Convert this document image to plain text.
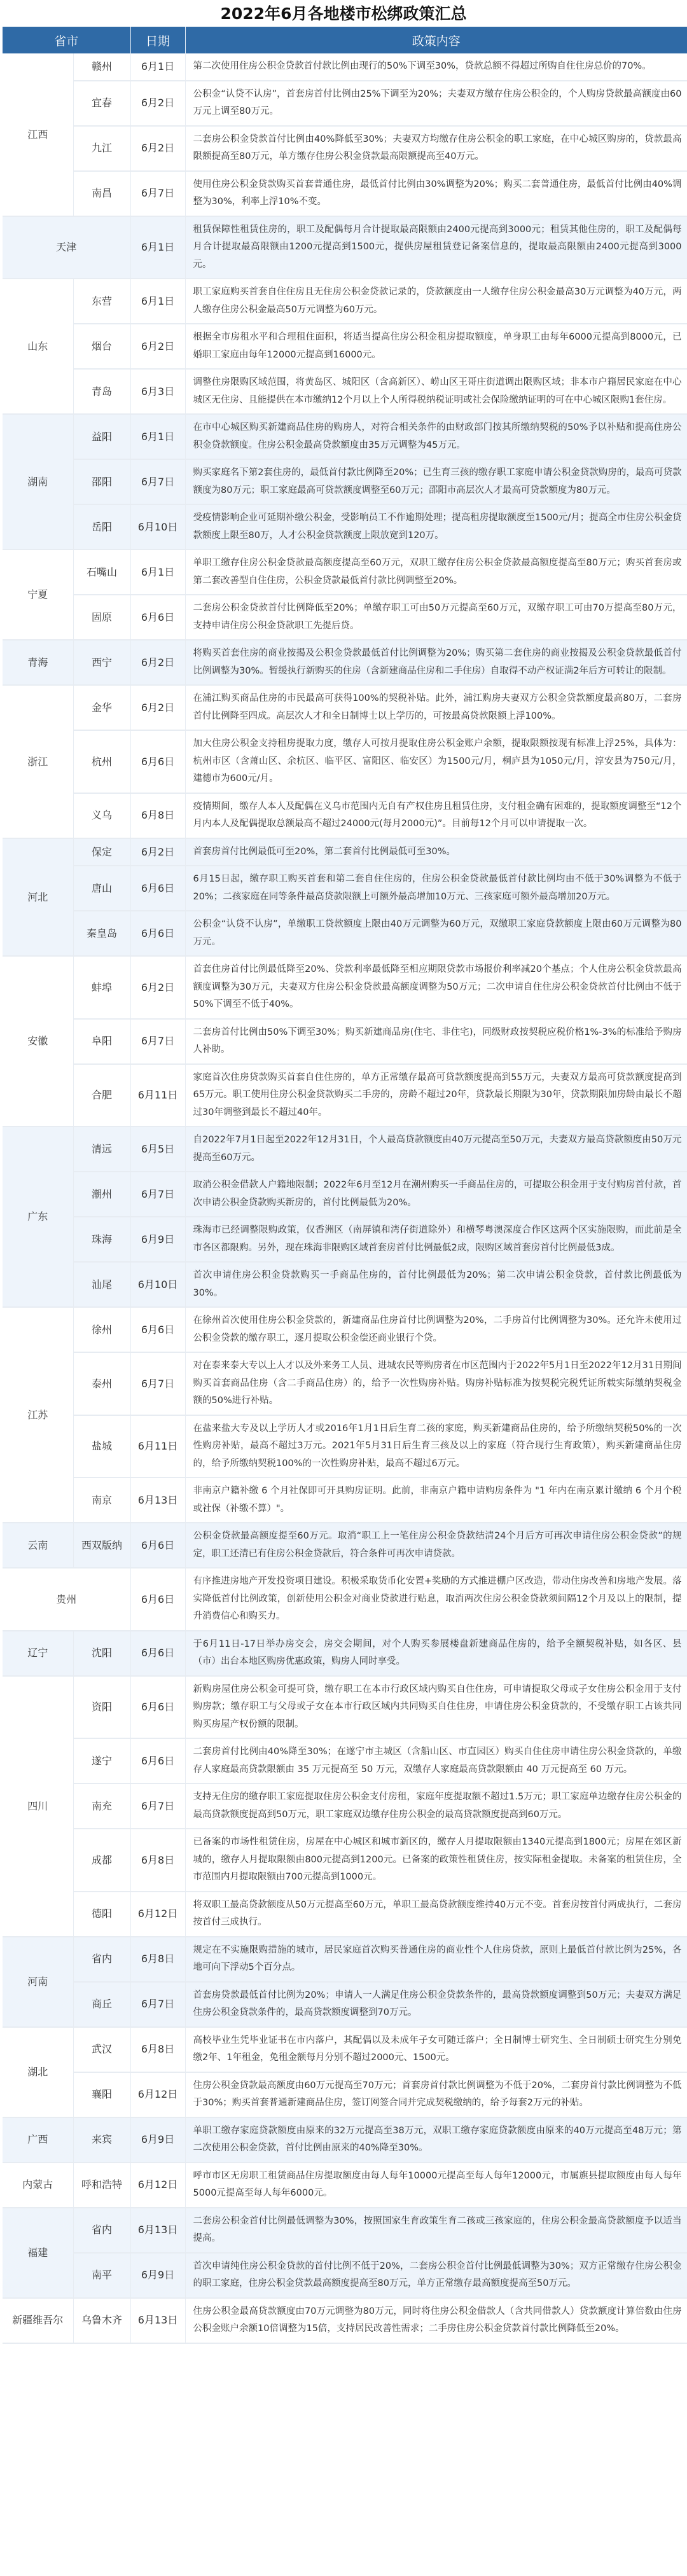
2022年6月各地楼市松绑政策汇总
省市		日期	政策内容
江西	赣州	6月1日	第二次使用住房公积金贷款首付款比例由现行的50%下调至30%，贷款总额不得超过所购自住住房总价的70%。
	宜春	6月2日	公积金“认贷不认房”，首套房首付比例由25%下调至为20%；夫妻双方缴存住房公积金的，个人购房贷款最高额度由60万元上调至80万元。
	九江	6月2日	二套房公积金贷款首付比例由40%降低至30%；夫妻双方均缴存住房公积金的职工家庭，在中心城区购房的，贷款最高限额提高至80万元，单方缴存住房公积金贷款最高限额提高至40万元。
	南昌	6月7日	使用住房公积金贷款购买首套普通住房，最低首付比例由30%调整为20%；购买二套普通住房，最低首付比例由40%调整为30%，利率上浮10%不变。
天津		6月1日	租赁保障性租赁住房的，职工及配偶每月合计提取最高限额由2400元提高到3000元；租赁其他住房的，职工及配偶每月合计提取最高限额由1200元提高到1500元，提供房屋租赁登记备案信息的，提取最高限额由2400元提高到3000元。
山东	东营	6月1日	职工家庭购买首套自住住房且无住房公积金贷款记录的，贷款额度由一人缴存住房公积金最高30万元调整为40万元，两人缴存住房公积金最高50万元调整为60万元。
	烟台	6月2日	根据全市房租水平和合理租住面积，将适当提高住房公积金租房提取额度，单身职工由每年6000元提高到8000元，已婚职工家庭由每年12000元提高到16000元。
	青岛	6月3日	调整住房限购区域范围，将黄岛区、城阳区（含高新区）、崂山区王哥庄街道调出限购区域；非本市户籍居民家庭在中心城区无住房、且能提供在本市缴纳12个月以上个人所得税纳税证明或社会保险缴纳证明的可在中心城区限购1套住房。
湖南	益阳	6月1日	在市中心城区购买新建商品住房的购房人，对符合相关条件的由财政部门按其所缴纳契税的50%予以补贴和提高住房公积金贷款额度。住房公积金最高贷款额度由35万元调整为45万元。
	邵阳	6月7日	购买家庭名下第2套住房的，最低首付款比例降至20%；已生育三孩的缴存职工家庭申请公积金贷款购房的，最高可贷款额度为80万元；职工家庭最高可贷款额度调整至60万元；邵阳市高层次人才最高可贷款额度为80万元。
	岳阳	6月10日	受疫情影响企业可延期补缴公积金，受影响员工不作逾期处理；提高租房提取额度至1500元/月；提高全市住房公积金贷款额度上限至80万，人才公积金贷款额度上限放宽到120万。
宁夏	石嘴山	6月1日	单职工缴存住房公积金贷款最高额度提高至60万元，双职工缴存住房公积金贷款最高额度提高至80万元；购买首套房或第二套改善型自住住房，公积金贷款最低首付款比例调整至20%。
	固原	6月6日	二套房公积金贷款首付比例降低至20%；单缴存职工可由50万元提高至60万元，双缴存职工可由70万提高至80万元，支持申请住房公积金贷款职工先提后贷。
青海	西宁	6月2日	将购买首套住房的商业按揭及公积金贷款最低首付比例调整为20%；购买第二套住房的商业按揭及公积金贷款最低首付比例调整为30%。暂缓执行新购买的住房（含新建商品住房和二手住房）自取得不动产权证满2年后方可转让的限制。
浙江	金华	6月2日	在浦江购买商品住房的市民最高可获得100%的契税补贴。此外，浦江购房夫妻双方公积金贷款额度最高80万，二套房首付比例降至四成。高层次人才和全日制博士以上学历的，可按最高贷款限额上浮100%。
	杭州	6月6日	加大住房公积金支持租房提取力度，缴存人可按月提取住房公积金账户余额，提取限额按现有标准上浮25%，具体为：杭州市区（含萧山区、余杭区、临平区、富阳区、临安区）为1500元/月，桐庐县为1050元/月，淳安县为750元/月，建德市为600元/月。
	义乌	6月8日	疫情期间，缴存人本人及配偶在义乌市范围内无自有产权住房且租赁住房，支付租金确有困难的，提取额度调整至“12个月内本人及配偶提取总额最高不超过24000元(每月2000元)”。目前每12个月可以申请提取一次。
河北	保定	6月2日	首套房首付比例最低可至20%，第二套首付比例最低可至30%。
	唐山	6月6日	6月15日起，缴存职工购买首套和第二套自住住房的，住房公积金贷款最低首付款比例均由不低于30%调整为不低于20%；二孩家庭在同等条件最高贷款限额上可额外最高增加10万元、三孩家庭可额外最高增加20万元。
	秦皇岛	6月6日	公积金“认贷不认房”，单缴职工贷款额度上限由40万元调整为60万元，双缴职工家庭贷款额度上限由60万元调整为80万元。
安徽	蚌埠	6月2日	首套住房首付比例最低降至20%、贷款利率最低降至相应期限贷款市场报价利率减20个基点；个人住房公积金贷款最高额度调整为30万元，夫妻双方住房公积金贷款最高额度调整为50万元；二次申请自住住房公积金贷款首付比例由不低于50%下调至不低于40%。
	阜阳	6月7日	二套房首付比例由50%下调至30%；购买新建商品房(住宅、非住宅)，同级财政按契税应税价格1%-3%的标准给予购房人补助。
	合肥	6月11日	家庭首次住房贷款购买首套自住住房的，单方正常缴存最高可贷款额度提高到55万元，夫妻双方最高可贷款额度提高到65万元。职工使用住房公积金贷款购买二手房的，房龄不超过20年，贷款最长期限为30年，贷款期限加房龄由最长不超过30年调整到最长不超过40年。
广东	清远	6月5日	自2022年7月1日起至2022年12月31日，个人最高贷款额度由40万元提高至50万元，夫妻双方最高贷款额度由50万元提高至60万元。
	潮州	6月7日	取消公积金借款人户籍地限制；2022年6月至12月在潮州购买一手商品住房的，可提取公积金用于支付购房首付款，首次申请公积金贷款购买新房的，首付比例最低为20%。
	珠海	6月9日	珠海市已经调整限购政策，仅香洲区（南屏镇和湾仔街道除外）和横琴粤澳深度合作区这两个区实施限购，而此前是全市各区都限购。另外，现在珠海非限购区域首套房首付比例最低2成，限购区域首套房首付比例最低3成。
	汕尾	6月10日	首次申请住房公积金贷款购买一手商品住房的，首付比例最低为20%；第二次申请公积金贷款，首付款比例最低为30%。
江苏	徐州	6月6日	在徐州首次使用住房公积金贷款的，新建商品住房首付比例调整为20%，二手房首付比例调整为30%。还允许未使用过公积金贷款的缴存职工，逐月提取公积金偿还商业银行个贷。
	泰州	6月7日	对在泰来泰大专以上人才以及外来务工人员、进城农民等购房者在市区范围内于2022年5月1日至2022年12月31日期间购买首套商品住房（含二手商品住房）的，给予一次性购房补贴。购房补贴标准为按契税完税凭证所载实际缴纳契税金额的50%进行补贴。
	盐城	6月11日	在盐来盐大专及以上学历人才或2016年1月1日后生育二孩的家庭，购买新建商品住房的，给予所缴纳契税50%的一次性购房补贴，最高不超过3万元。2021年5月31日后生育三孩及以上的家庭（符合现行生育政策），购买新建商品住房的，给予所缴纳契税100%的一次性购房补贴，最高不超过6万元。
	南京	6月13日	非南京户籍补缴 6 个月社保即可开具购房证明。此前，非南京户籍申请购房条件为 "1 年内在南京累计缴纳 6 个月个税或社保（补缴不算）"。
云南	西双版纳	6月6日	公积金贷款最高额度提至60万元。取消“职工上一笔住房公积金贷款结清24个月后方可再次申请住房公积金贷款”的规定，职工还清已有住房公积金贷款后，符合条件可再次申请贷款。
贵州		6月6日	有序推进房地产开发投资项目建设。积极采取货币化安置+奖励的方式推进棚户区改造，带动住房改善和房地产发展。落实降低首付比例政策，创新使用公积金对商业贷款进行贴息，取消两次住房公积金贷款须间隔12个月及以上的限制，提升消费信心和购买力。
辽宁	沈阳	6月6日	于6月11日-17日举办房交会，房交会期间，对个人购买参展楼盘新建商品住房的，给予全额契税补贴，如各区、县（市）出台本地区购房优惠政策，购房人同时享受。
四川	资阳	6月6日	新购房屋住房公积金可提可贷，缴存职工在本市行政区域内购买自住住房，可申请提取父母或子女住房公积金用于支付购房款；缴存职工与父母或子女在本市行政区域内共同购买自住住房，申请住房公积金贷款的，不受缴存职工占该共同购买房屋产权份额的限制。
	遂宁	6月6日	二套房首付比例由40%降至30%；在遂宁市主城区（含船山区、市直园区）购买自住住房申请住房公积金贷款的，单缴存人家庭最高贷款限额由 35 万元提高至 50 万元，双缴存人家庭最高贷款限额由 40 万元提高至 60 万元。
	南充	6月7日	支持无住房的缴存职工家庭提取住房公积金支付房租，家庭年度提取额不超过1.5万元；职工家庭单边缴存住房公积金的最高贷款额度提高到50万元，职工家庭双边缴存住房公积金的最高贷款额度提高到60万元。
	成都	6月8日	已备案的市场性租赁住房，房屋在中心城区和城市新区的，缴存人月提取限额由1340元提高到1800元；房屋在郊区新城的，缴存人月提取限额由800元提高到1200元。已备案的政策性租赁住房，按实际租金提取。未备案的租赁住房，全市范围内月提取限额由700元提高到1000元。
	德阳	6月12日	将双职工最高贷款额度从50万元提高至60万元，单职工最高贷款额度维持40万元不变。首套房按首付两成执行，二套房按首付三成执行。
河南	省内	6月8日	规定在不实施限购措施的城市，居民家庭首次购买普通住房的商业性个人住房贷款，原则上最低首付款比例为25%，各地可向下浮动5个百分点。
	商丘	6月7日	首套房贷款最低首付比例为20%；申请人一人满足住房公积金贷款条件的，最高贷款额度调整到50万元；夫妻双方满足住房公积金贷款条件的，最高贷款额度调整到70万元。
湖北	武汉	6月8日	高校毕业生凭毕业证书在市内落户，其配偶以及未成年子女可随迁落户；全日制博士研究生、全日制硕士研究生分别免缴2年、1年租金，免租金额每月分别不超过2000元、1500元。
	襄阳	6月12日	住房公积金贷款最高额度由60万元提高至70万元；首套房首付款比例调整为不低于20%，二套房首付款比例调整为不低于30%；购买首套普通新建商品住房，签订网签合同并完成契税缴纳的，给予每套2万元的补贴。
广西	来宾	6月9日	单职工缴存家庭贷款额度由原来的32万元提高至38万元，双职工缴存家庭贷款额度由原来的40万元提高至48万元；第二次使用公积金贷款，首付比例由原来的40%降至30%。
内蒙古	呼和浩特	6月12日	呼市市区无房职工租赁商品住房提取额度由每人每年10000元提高至每人每年12000元，市属旗县提取额度由每人每年5000元提高至每人每年6000元。
福建	省内	6月13日	二套房公积金首付比例最低调整为30%，按照国家生育政策生育二孩或三孩家庭的，住房公积金最高贷款额度予以适当提高。
	南平	6月9日	首次申请纯住房公积金贷款的首付比例不低于20%，二套房公积金首付比例最低调整为30%；双方正常缴存住房公积金的职工家庭，住房公积金贷款最高额度提高至80万元，单方正常缴存最高额度提高至50万元。
新疆维吾尔	乌鲁木齐	6月13日	住房公积金最高贷款额度由70万元调整为80万元，同时将住房公积金借款人（含共同借款人）贷款额度计算倍数由住房公积金账户余额10倍调整为15倍，支持居民改善性需求；二手房住房公积金贷款首付款比例降低至20%。
